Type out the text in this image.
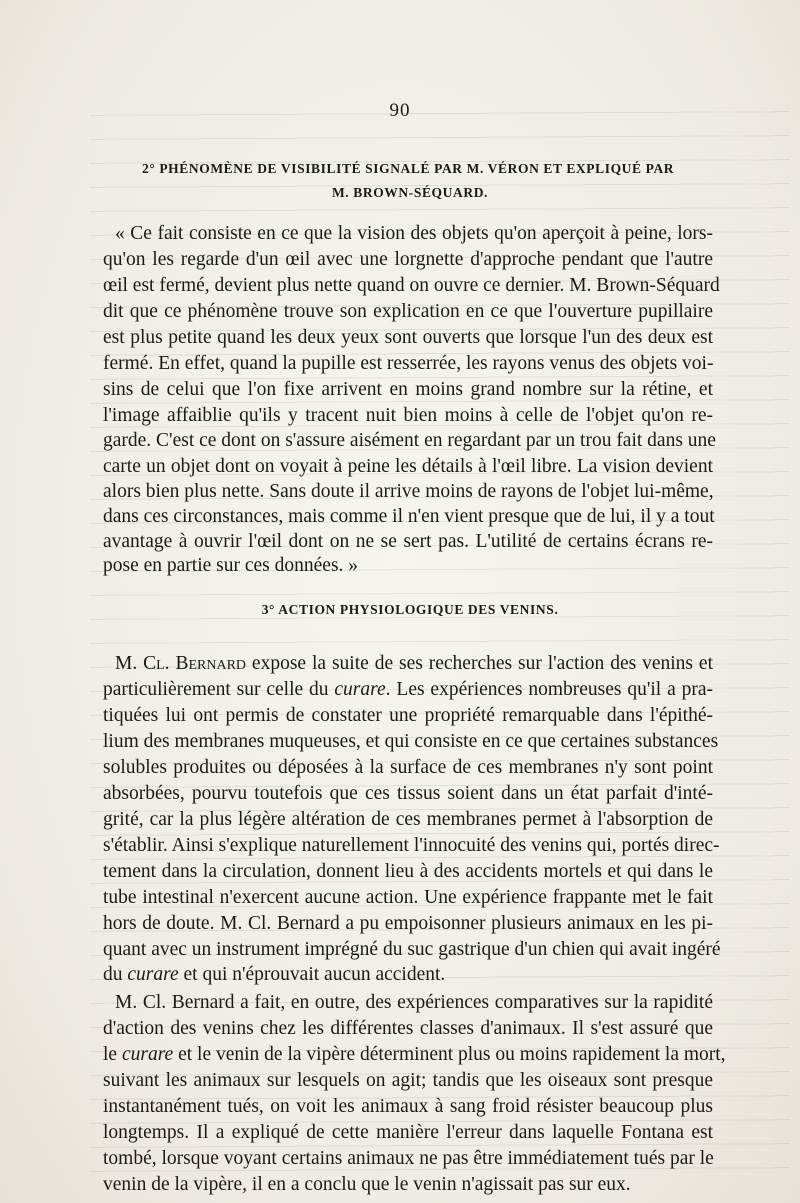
90
2° PHÉNOMÈNE DE VISIBILITÉ SIGNALÉ PAR M. VÉRON ET EXPLIQUÉ PAR
M. BROWN-SÉQUARD.
« Ce fait consiste en ce que la vision des objets qu'on aperçoit à peine, lors-
qu'on les regarde d'un œil avec une lorgnette d'approche pendant que l'autre
œil est fermé, devient plus nette quand on ouvre ce dernier. M. Brown-Séquard
dit que ce phénomène trouve son explication en ce que l'ouverture pupillaire
est plus petite quand les deux yeux sont ouverts que lorsque l'un des deux est
fermé. En effet, quand la pupille est resserrée, les rayons venus des objets voi-
sins de celui que l'on fixe arrivent en moins grand nombre sur la rétine, et
l'image affaiblie qu'ils y tracent nuit bien moins à celle de l'objet qu'on re-
garde. C'est ce dont on s'assure aisément en regardant par un trou fait dans une
carte un objet dont on voyait à peine les détails à l'œil libre. La vision devient
alors bien plus nette. Sans doute il arrive moins de rayons de l'objet lui-même,
dans ces circonstances, mais comme il n'en vient presque que de lui, il y a tout
avantage à ouvrir l'œil dont on ne se sert pas. L'utilité de certains écrans re-
pose en partie sur ces données. »
3° ACTION PHYSIOLOGIQUE DES VENINS.
M. Cl. Bernard expose la suite de ses recherches sur l'action des venins et
particulièrement sur celle du curare. Les expériences nombreuses qu'il a pra-
tiquées lui ont permis de constater une propriété remarquable dans l'épithé-
lium des membranes muqueuses, et qui consiste en ce que certaines substances
solubles produites ou déposées à la surface de ces membranes n'y sont point
absorbées, pourvu toutefois que ces tissus soient dans un état parfait d'inté-
grité, car la plus légère altération de ces membranes permet à l'absorption de
s'établir. Ainsi s'explique naturellement l'innocuité des venins qui, portés direc-
tement dans la circulation, donnent lieu à des accidents mortels et qui dans le
tube intestinal n'exercent aucune action. Une expérience frappante met le fait
hors de doute. M. Cl. Bernard a pu empoisonner plusieurs animaux en les pi-
quant avec un instrument imprégné du suc gastrique d'un chien qui avait ingéré
du curare et qui n'éprouvait aucun accident.
M. Cl. Bernard a fait, en outre, des expériences comparatives sur la rapidité
d'action des venins chez les différentes classes d'animaux. Il s'est assuré que
le curare et le venin de la vipère déterminent plus ou moins rapidement la mort,
suivant les animaux sur lesquels on agit; tandis que les oiseaux sont presque
instantanément tués, on voit les animaux à sang froid résister beaucoup plus
longtemps. Il a expliqué de cette manière l'erreur dans laquelle Fontana est
tombé, lorsque voyant certains animaux ne pas être immédiatement tués par le
venin de la vipère, il en a conclu que le venin n'agissait pas sur eux.
